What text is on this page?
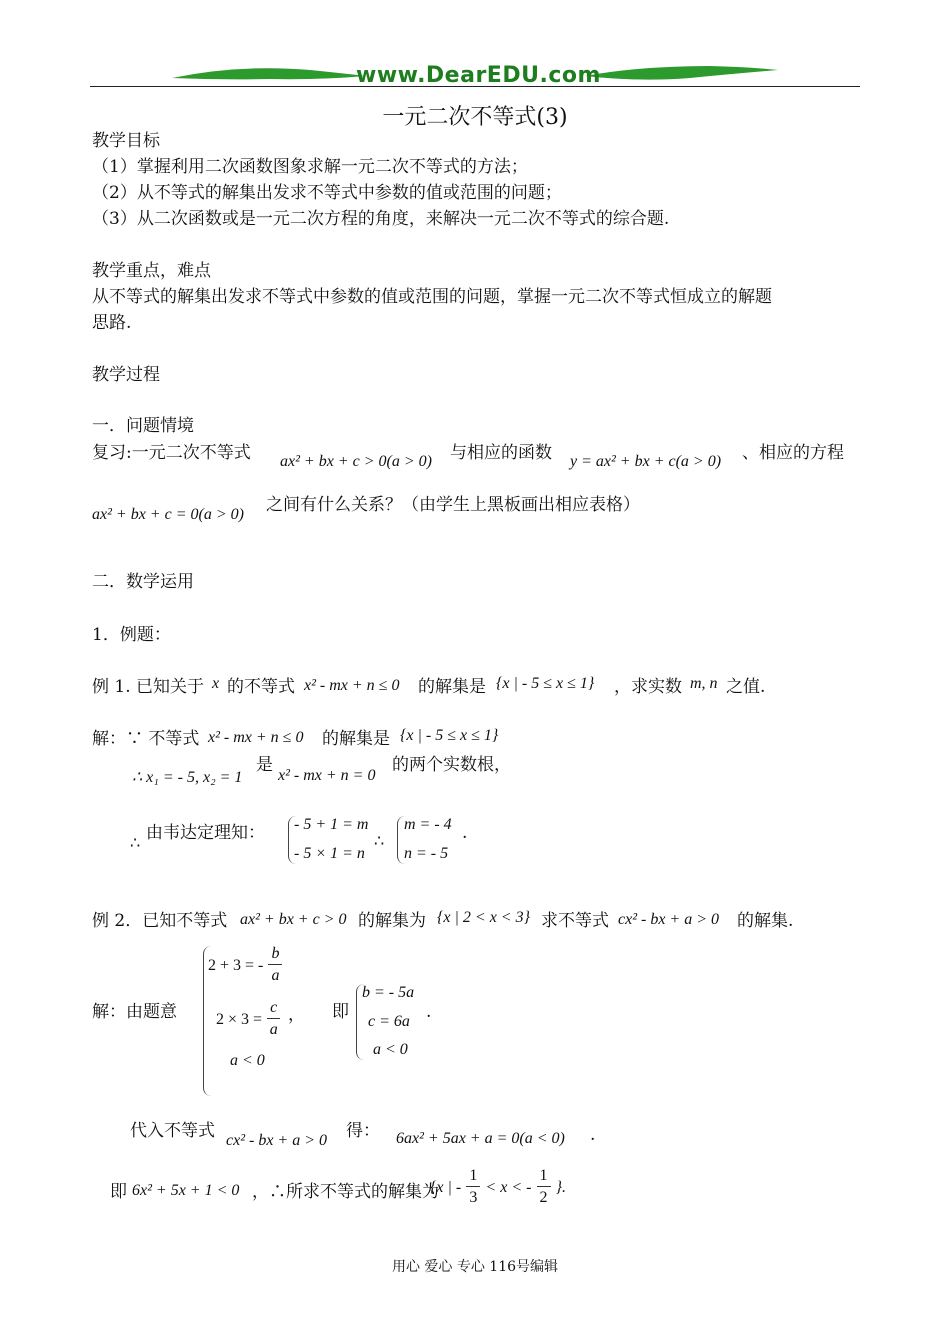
www.DearEDU.com
一元二次不等式(3)
教学目标
（1）掌握利用二次函数图象求解一元二次不等式的方法；
（2）从不等式的解集出发求不等式中参数的值或范围的问题；
（3）从二次函数或是一元二次方程的角度，来解决一元二次不等式的综合题.
教学重点，难点
从不等式的解集出发求不等式中参数的值或范围的问题，掌握一元二次不等式恒成立的解题
思路.
教学过程
一．问题情境
复习:一元二次不等式 ax² + bx + c > 0(a > 0) 与相应的函数 y = ax² + bx + c(a > 0) 、相应的方程
ax² + bx + c = 0(a > 0) 之间有什么关系？（由学生上黑板画出相应表格）
二．数学运用
1．例题：
例 1. 已知关于 x 的不等式 x² - mx + n ≤ 0 的解集是 {x | - 5 ≤ x ≤ 1} ，求实数 m, n 之值.
解：∵ 不等式 x² - mx + n ≤ 0 的解集是 {x | - 5 ≤ x ≤ 1}
∴ x₁ = - 5, x₂ = 1
是
x² - mx + n = 0
的两个实数根，
∴
由韦达定理知： - 5 + 1 = m
- 5 × 1 = n
∴
m = - 4
n = - 5
.
例 2．已知不等式 ax² + bx + c > 0 的解集为 {x | 2 < x < 3} 求不等式 cx² - bx + a > 0 的解集.
解：由题意
2 + 3 = - $\frac{b}{a}$
$2 \times 3 = \frac{c}{a}$ ，
a < 0
即
b = - 5a
c = 6a
a < 0
.
代入不等式 cx² - bx + a > 0 得： 6ax² + 5ax + a = 0(a < 0) .
即 6x² + 5x + 1 < 0 ，∴所求不等式的解集为
{x | - $\frac{1}{3} < x$ < - $\frac{1}{2}$ }.
用心 爱心 专心 116号编辑
